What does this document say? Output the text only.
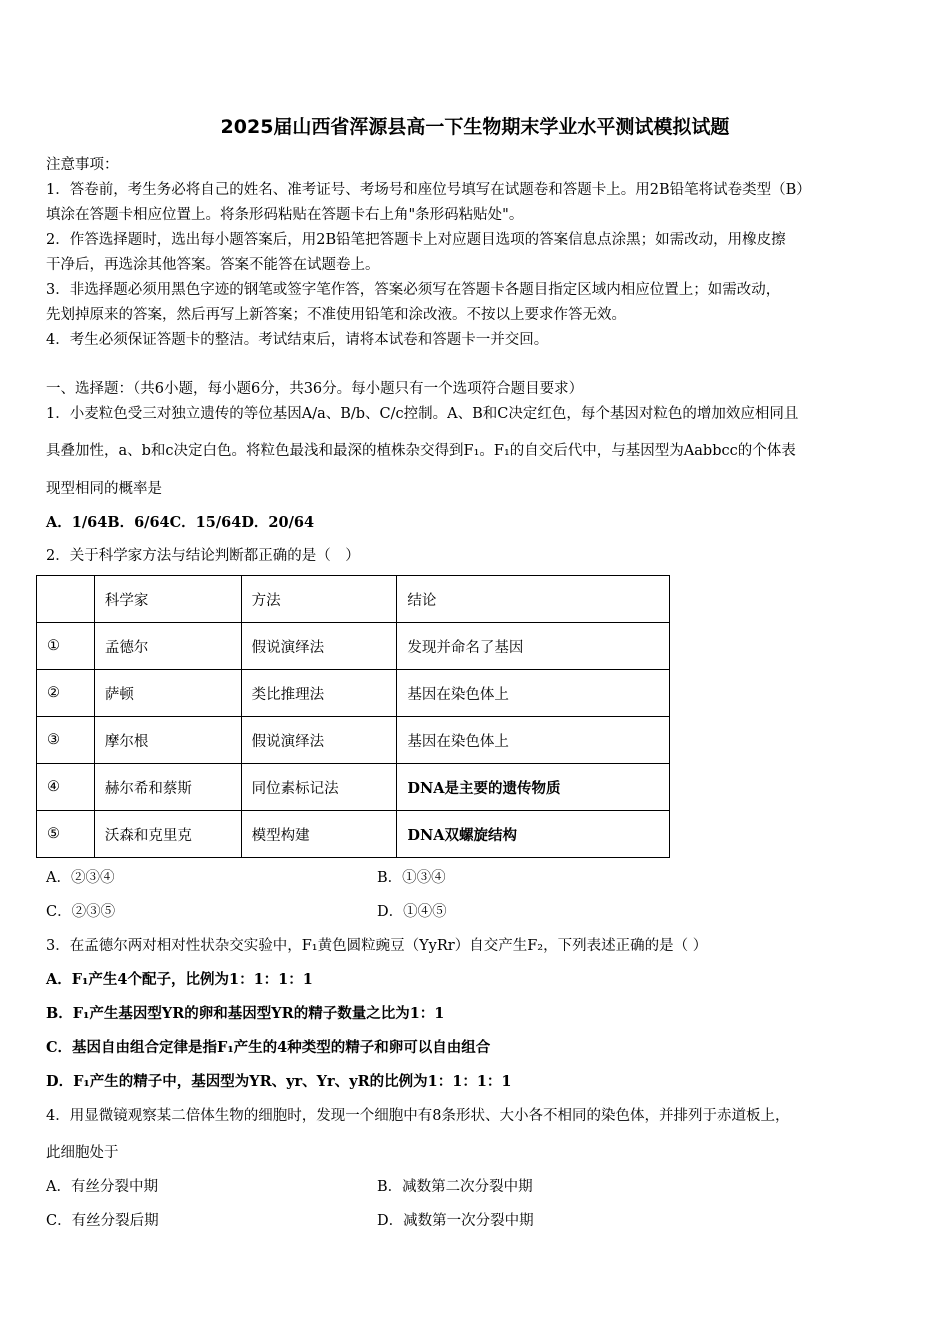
2025届山西省浑源县高一下生物期末学业水平测试模拟试题
注意事项：
1．答卷前，考生务必将自己的姓名、准考证号、考场号和座位号填写在试题卷和答题卡上。用2B铅笔将试卷类型（B）
填涂在答题卡相应位置上。将条形码粘贴在答题卡右上角"条形码粘贴处"。
2．作答选择题时，选出每小题答案后，用2B铅笔把答题卡上对应题目选项的答案信息点涂黑；如需改动，用橡皮擦
干净后，再选涂其他答案。答案不能答在试题卷上。
3．非选择题必须用黑色字迹的钢笔或签字笔作答，答案必须写在答题卡各题目指定区域内相应位置上；如需改动，
先划掉原来的答案，然后再写上新答案；不准使用铅笔和涂改液。不按以上要求作答无效。
4．考生必须保证答题卡的整洁。考试结束后，请将本试卷和答题卡一并交回。
一、选择题：（共6小题，每小题6分，共36分。每小题只有一个选项符合题目要求）
1．小麦粒色受三对独立遗传的等位基因A/a、B/b、C/c控制。A、B和C决定红色，每个基因对粒色的增加效应相同且
具叠加性，a、b和c决定白色。将粒色最浅和最深的植株杂交得到F₁。F₁的自交后代中，与基因型为Aabbcc的个体表
现型相同的概率是
A．1/64B．6/64C．15/64D．20/64
2．关于科学家方法与结论判断都正确的是（　）
	科学家	方法	结论
①	孟德尔	假说演绎法	发现并命名了基因
②	萨顿	类比推理法	基因在染色体上
③	摩尔根	假说演绎法	基因在染色体上
④	赫尔希和蔡斯	同位素标记法	DNA是主要的遗传物质
⑤	沃森和克里克	模型构建	DNA双螺旋结构
A．②③④	B．①③④
C．②③⑤	D．①④⑤
3．在孟德尔两对相对性状杂交实验中，F₁黄色圆粒豌豆（YyRr）自交产生F₂，下列表述正确的是（ ）
A．F₁产生4个配子，比例为1：1：1：1
B．F₁产生基因型YR的卵和基因型YR的精子数量之比为1：1
C．基因自由组合定律是指F₁产生的4种类型的精子和卵可以自由组合
D．F₁产生的精子中，基因型为YR、yr、Yr、yR的比例为1：1：1：1
4．用显微镜观察某二倍体生物的细胞时，发现一个细胞中有8条形状、大小各不相同的染色体，并排列于赤道板上，
此细胞处于
A．有丝分裂中期	B．减数第二次分裂中期
C．有丝分裂后期	D．减数第一次分裂中期
